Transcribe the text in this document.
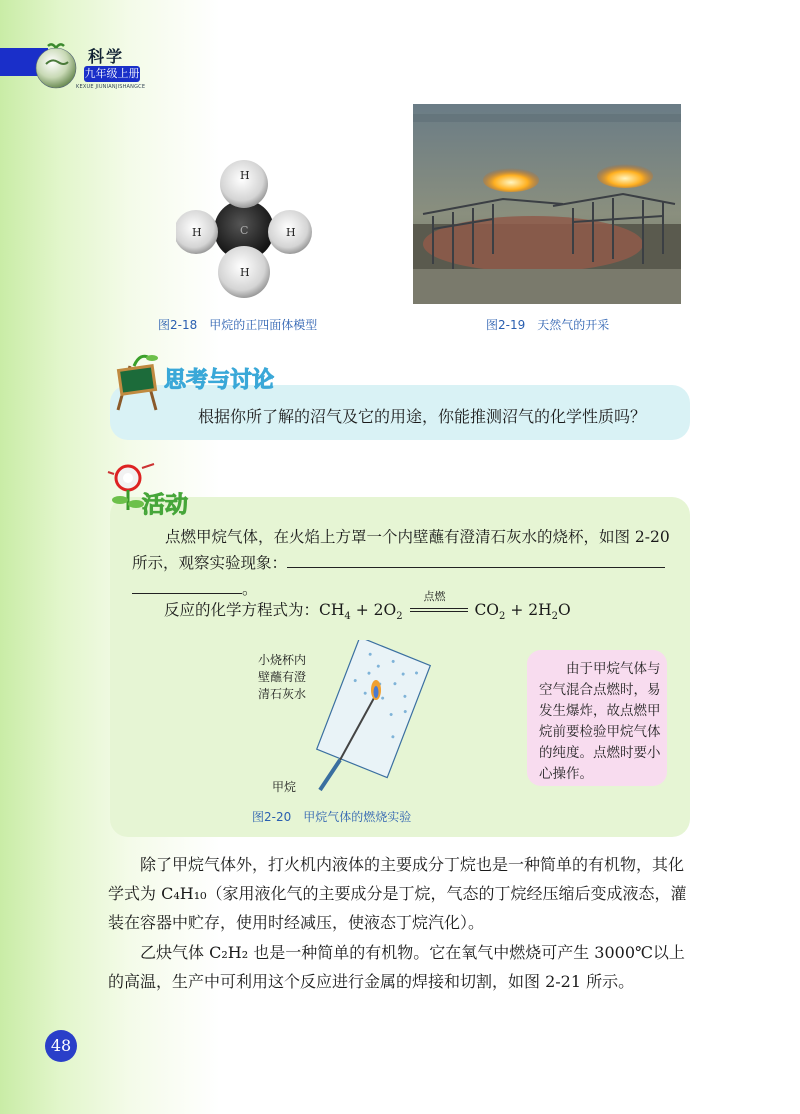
科学
九年级上册
KEXUE JIUNIANJISHANGCE
C
H	H
H
H
图2-18　甲烷的正四面体模型	图2-19　天然气的开采
思考与讨论
根据你所了解的沼气及它的用途，你能推测沼气的化学性质吗？
活动
点燃甲烷气体，在火焰上方罩一个内壁蘸有澄清石灰水的烧杯，如图 2-20
所示，观察实验现象：
。
反应的化学方程式为：$CH_4 + 2O_2$
点燃
$CO_2 + 2H_2O$
小烧杯内
壁蘸有澄
清石灰水
甲烷
图2-20　甲烷气体的燃烧实验
由于甲烷气体与空气混合点燃时，易发生爆炸，故点燃甲烷前要检验甲烷气体的纯度。点燃时要小心操作。
除了甲烷气体外，打火机内液体的主要成分丁烷也是一种简单的有机物，其化学式为 C₄H₁₀（家用液化气的主要成分是丁烷，气态的丁烷经压缩后变成液态，灌装在容器中贮存，使用时经减压，使液态丁烷汽化）。
乙炔气体 C₂H₂ 也是一种简单的有机物。它在氧气中燃烧可产生 3000℃以上的高温，生产中可利用这个反应进行金属的焊接和切割，如图 2-21 所示。
48
